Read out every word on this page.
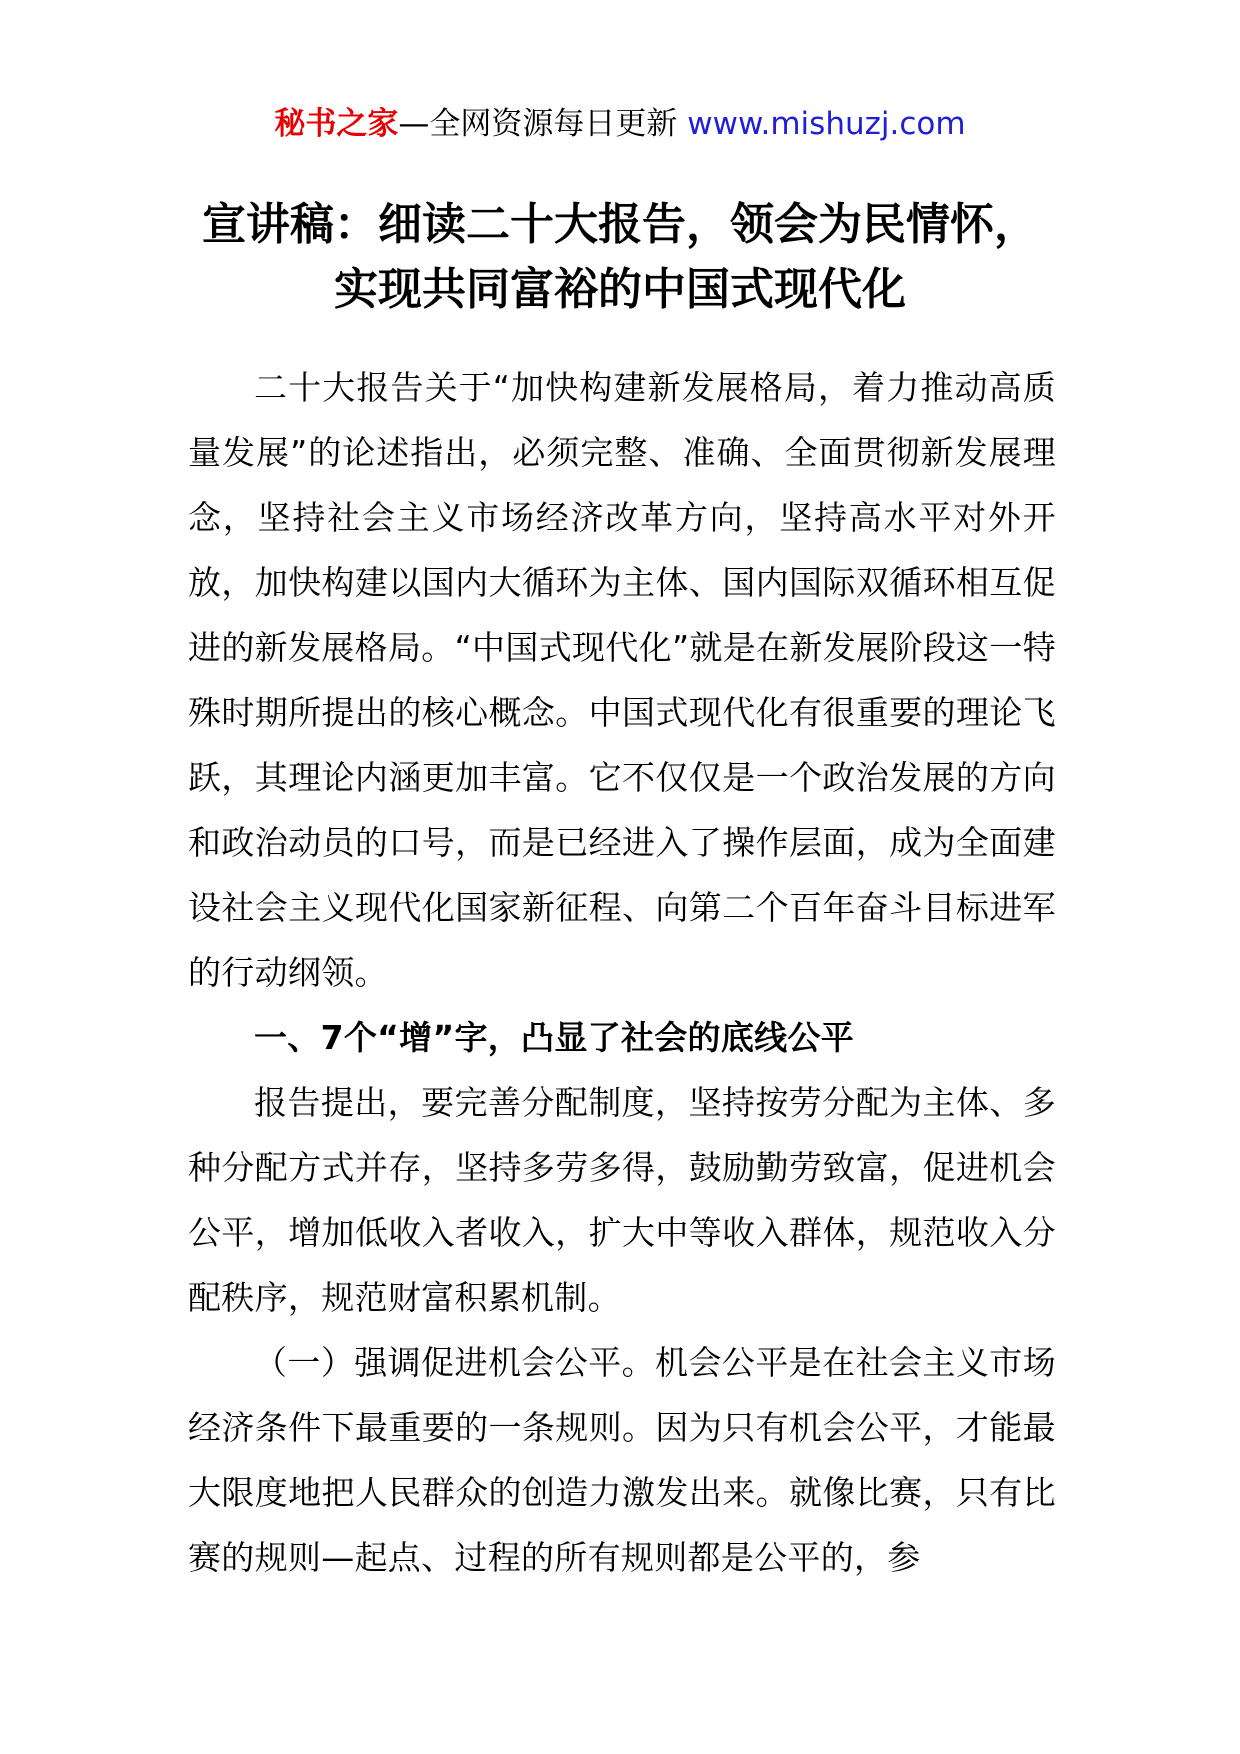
秘书之家—全网资源每日更新 www.mishuzj.com
宣讲稿：细读二十大报告，领会为民情怀，
实现共同富裕的中国式现代化

二十大报告关于“加快构建新发展格局，着力推动高质量发展”的论述指出，必须完整、准确、全面贯彻新发展理念，坚持社会主义市场经济改革方向，坚持高水平对外开放，加快构建以国内大循环为主体、国内国际双循环相互促进的新发展格局。“中国式现代化”就是在新发展阶段这一特殊时期所提出的核心概念。中国式现代化有很重要的理论飞跃，其理论内涵更加丰富。它不仅仅是一个政治发展的方向和政治动员的口号，而是已经进入了操作层面，成为全面建设社会主义现代化国家新征程、向第二个百年奋斗目标进军的行动纲领。

一、7个“增”字，凸显了社会的底线公平

报告提出，要完善分配制度，坚持按劳分配为主体、多种分配方式并存，坚持多劳多得，鼓励勤劳致富，促进机会公平，增加低收入者收入，扩大中等收入群体，规范收入分配秩序，规范财富积累机制。

（一）强调促进机会公平。机会公平是在社会主义市场经济条件下最重要的一条规则。因为只有机会公平，才能最大限度地把人民群众的创造力激发出来。就像比赛，只有比赛的规则—起点、过程的所有规则都是公平的，参
